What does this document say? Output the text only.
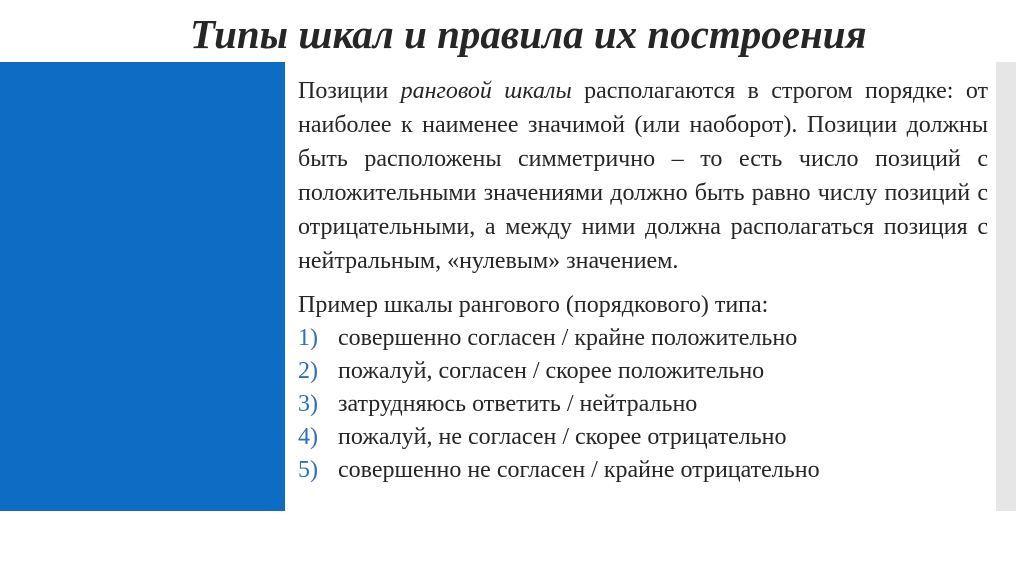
Типы шкал и правила их построения

Позиции ранговой шкалы располагаются в строгом порядке: от наиболее к наименее значимой (или наоборот). Позиции должны быть расположены симметрично – то есть число позиций с положительными значениями должно быть равно числу позиций с отрицательными, а между ними должна располагаться позиция с нейтральным, «нулевым» значением.

Пример шкалы рангового (порядкового) типа:

1) совершенно согласен / крайне положительно
2) пожалуй, согласен / скорее положительно
3) затрудняюсь ответить / нейтрально
4) пожалуй, не согласен / скорее отрицательно
5) совершенно не согласен / крайне отрицательно
